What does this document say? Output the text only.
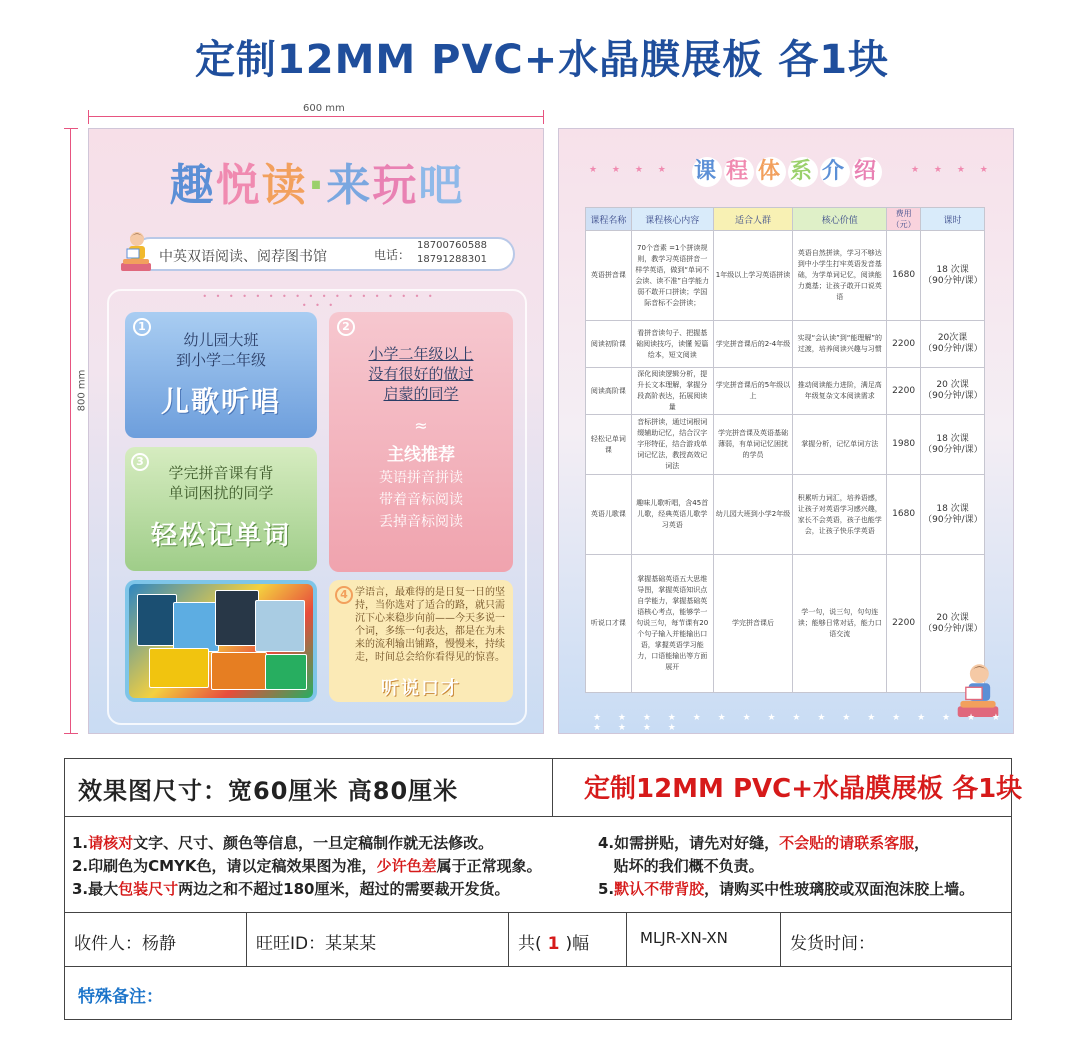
定制12MM PVC+水晶膜展板 各1块
600 mm
800 mm
趣悦读·来玩吧
中英双语阅读、阅荐图书馆	电话：
18700760588
18791288301
• • • • • • • • • • • • • • • • • • • • •
1
幼儿园大班
到小学二年级
儿歌听唱
2
小学二年级以上
没有很好的做过
启蒙的同学
≈
主线推荐
英语拼音拼读
带着音标阅读
丢掉音标阅读
3
学完拼音课有背
单词困扰的同学
轻松记单词
4 学语言，最难得的是日复一日的坚持，当你选对了适合的路，就只需沉下心来稳步向前——今天多说一个词，多练一句表达，都是在为未来的流利输出铺路，慢慢来，持续走，时间总会给你看得见的惊喜。
听说口才
★ ★ ★ ★	★ ★ ★ ★
课 程 体 系 介 绍
课程名称	课程核心内容	适合人群	核心价值	费用（元）	课时
英语拼音课	70个音素 =1个拼读规则，教学习英语拼音一样学英语，做到“单词不会读、读不准”自学能力弱不敢开口拼读；学国际音标不会拼读；	1年级以上学习英语拼读	英语自然拼读，学习不够达到中小学生打牢英语发音基础，为学单词记忆，阅读能力奠基；让孩子敢开口说英语	1680	18 次课
（90分钟/课）
阅读初阶课	看拼音读句子、把握基础阅读技巧，读懂 短篇 绘本，短文阅读	学完拼音课后的2-4年级	实现“会认读”到“能理解”的过渡，培养阅读兴趣与习惯	2200	20次课
（90分钟/课）
阅读高阶课	深化阅读逻辑分析，提升长文本理解，掌握分段高阶表达，拓展阅读量	学完拼音课后的5年级以上	推动阅读能力进阶，满足高年级复杂文本阅读需求	2200	20 次课
（90分钟/课）
轻松记单词课	音标拼读，通过词根词缀辅助记忆，结合汉字字形特征，结合游戏单词记忆法，教授高效记词法	学完拼音课及英语基础薄弱，有单词记忆困扰的学员	掌握分析，记忆单词方法	1980	18 次课
（90分钟/课）
英语儿歌课	趣味儿歌听唱，含45首儿歌，经典英语儿歌学习英语	幼儿园大班到小学2年级	积累听力词汇，培养语感，让孩子对英语学习感兴趣，家长不会英语，孩子也能学会，让孩子快乐学英语	1680	18 次课
（90分钟/课）
听说口才课	掌握基础英语五大思维导图，掌握英语知识点自学能力，掌握基础英语核心考点，能够学一句说三句，每节课有20个句子输入并能输出口语，掌握英语学习能力，口语能输出等方面展开	学完拼音课后	学一句，说三句，句句连读；能够日常对话，能力口语交流	2200	20 次课
（90分钟/课）
★ ★ ★ ★ ★ ★ ★ ★ ★ ★ ★ ★ ★ ★ ★ ★ ★ ★ ★ ★ ★
效果图尺寸：宽60厘米 高80厘米	定制12MM PVC+水晶膜展板 各1块
1.请核对文字、尺寸、颜色等信息，一旦定稿制作就无法修改。
2.印刷色为CMYK色，请以定稿效果图为准，少许色差属于正常现象。
3.最大包装尺寸两边之和不超过180厘米，超过的需要裁开发货。
4.如需拼贴，请先对好缝，不会贴的请联系客服，
贴坏的我们概不负责。
5.默认不带背胶，请购买中性玻璃胶或双面泡沫胶上墙。
收件人：杨静	旺旺ID：某某某	共( 1 )幅	MLJR-XN-XN	发货时间：
特殊备注：
